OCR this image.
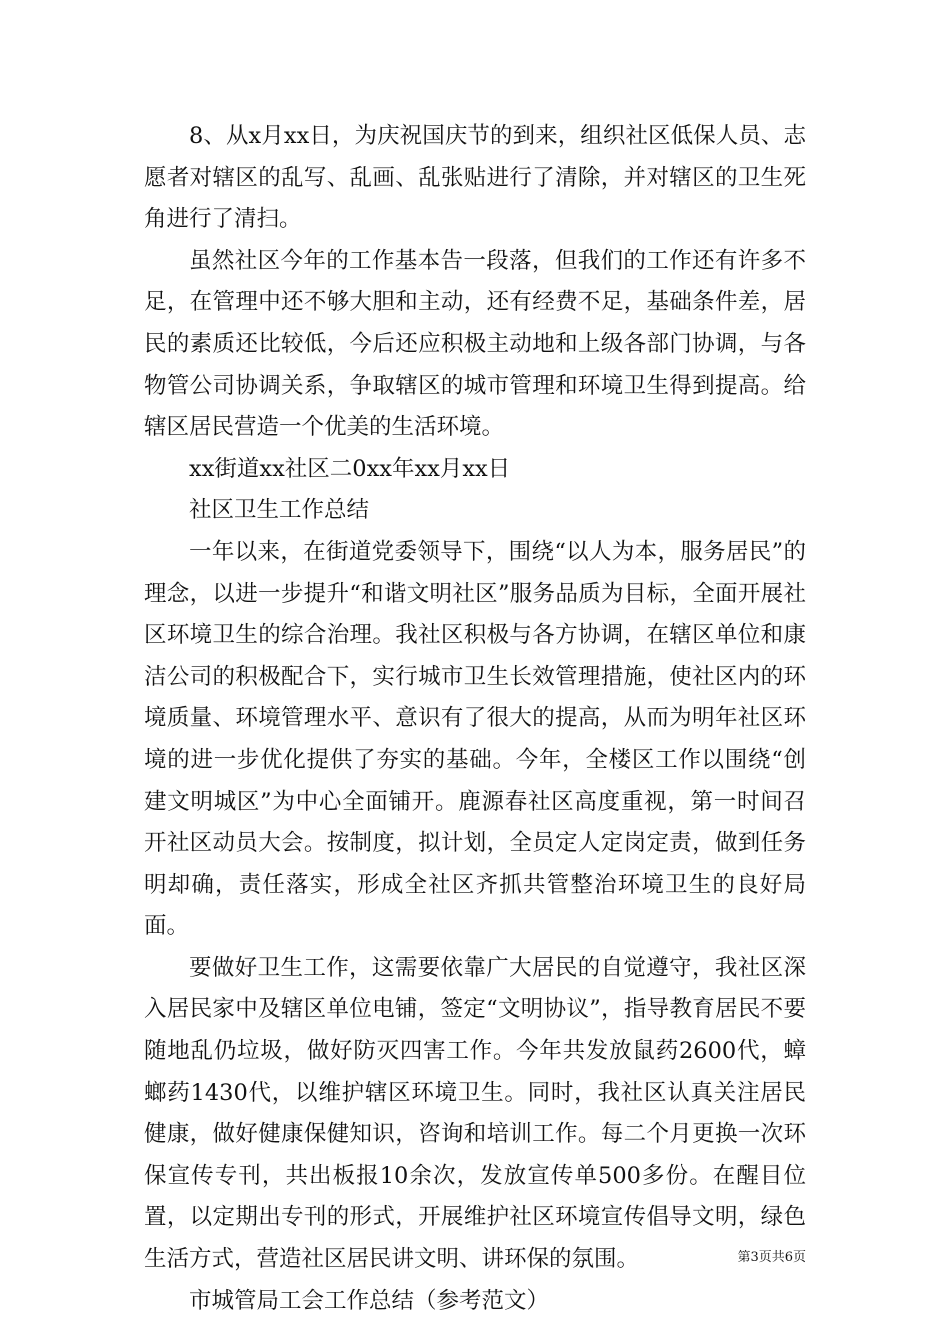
8、从x月xx日，为庆祝国庆节的到来，组织社区低保人员、志愿者对辖区的乱写、乱画、乱张贴进行了清除，并对辖区的卫生死角进行了清扫。

虽然社区今年的工作基本告一段落，但我们的工作还有许多不足，在管理中还不够大胆和主动，还有经费不足，基础条件差，居民的素质还比较低，今后还应积极主动地和上级各部门协调，与各物管公司协调关系，争取辖区的城市管理和环境卫生得到提高。给辖区居民营造一个优美的生活环境。

xx街道xx社区二0xx年xx月xx日

社区卫生工作总结

一年以来，在街道党委领导下，围绕“以人为本，服务居民”的理念，以进一步提升“和谐文明社区”服务品质为目标，全面开展社区环境卫生的综合治理。我社区积极与各方协调，在辖区单位和康洁公司的积极配合下，实行城市卫生长效管理措施，使社区内的环境质量、环境管理水平、意识有了很大的提高，从而为明年社区环境的进一步优化提供了夯实的基础。今年，全楼区工作以围绕“创建文明城区”为中心全面铺开。鹿源春社区高度重视，第一时间召开社区动员大会。按制度，拟计划，全员定人定岗定责，做到任务明却确，责任落实，形成全社区齐抓共管整治环境卫生的良好局面。

要做好卫生工作，这需要依靠广大居民的自觉遵守，我社区深入居民家中及辖区单位电铺，签定“文明协议”，指导教育居民不要随地乱仍垃圾，做好防灭四害工作。今年共发放鼠药2600代，蟑螂药1430代，以维护辖区环境卫生。同时，我社区认真关注居民健康，做好健康保健知识，咨询和培训工作。每二个月更换一次环保宣传专刊，共出板报10余次，发放宣传单500多份。在醒目位置，以定期出专刊的形式，开展维护社区环境宣传倡导文明，绿色生活方式，营造社区居民讲文明、讲环保的氛围。

市城管局工会工作总结（参考范文）

第3页共6页
